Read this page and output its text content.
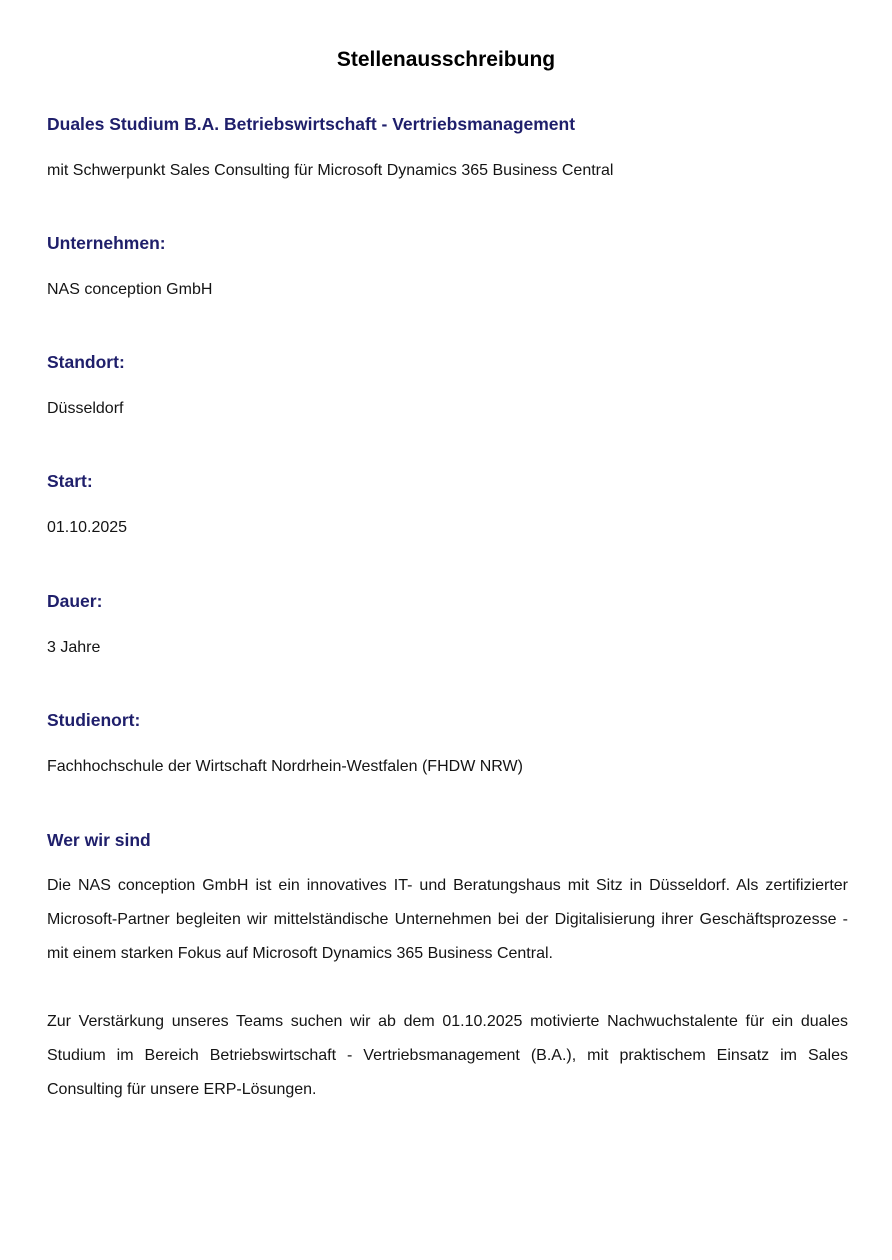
Stellenausschreibung
Duales Studium B.A. Betriebswirtschaft - Vertriebsmanagement
mit Schwerpunkt Sales Consulting für Microsoft Dynamics 365 Business Central
Unternehmen:
NAS conception GmbH
Standort:
Düsseldorf
Start:
01.10.2025
Dauer:
3 Jahre
Studienort:
Fachhochschule der Wirtschaft Nordrhein-Westfalen (FHDW NRW)
Wer wir sind
Die NAS conception GmbH ist ein innovatives IT- und Beratungshaus mit Sitz in Düsseldorf. Als zertifizierter Microsoft-Partner begleiten wir mittelständische Unternehmen bei der Digitalisierung ihrer Geschäftsprozesse - mit einem starken Fokus auf Microsoft Dynamics 365 Business Central.
Zur Verstärkung unseres Teams suchen wir ab dem 01.10.2025 motivierte Nachwuchstalente für ein duales Studium im Bereich Betriebswirtschaft - Vertriebsmanagement (B.A.), mit praktischem Einsatz im Sales Consulting für unsere ERP-Lösungen.
